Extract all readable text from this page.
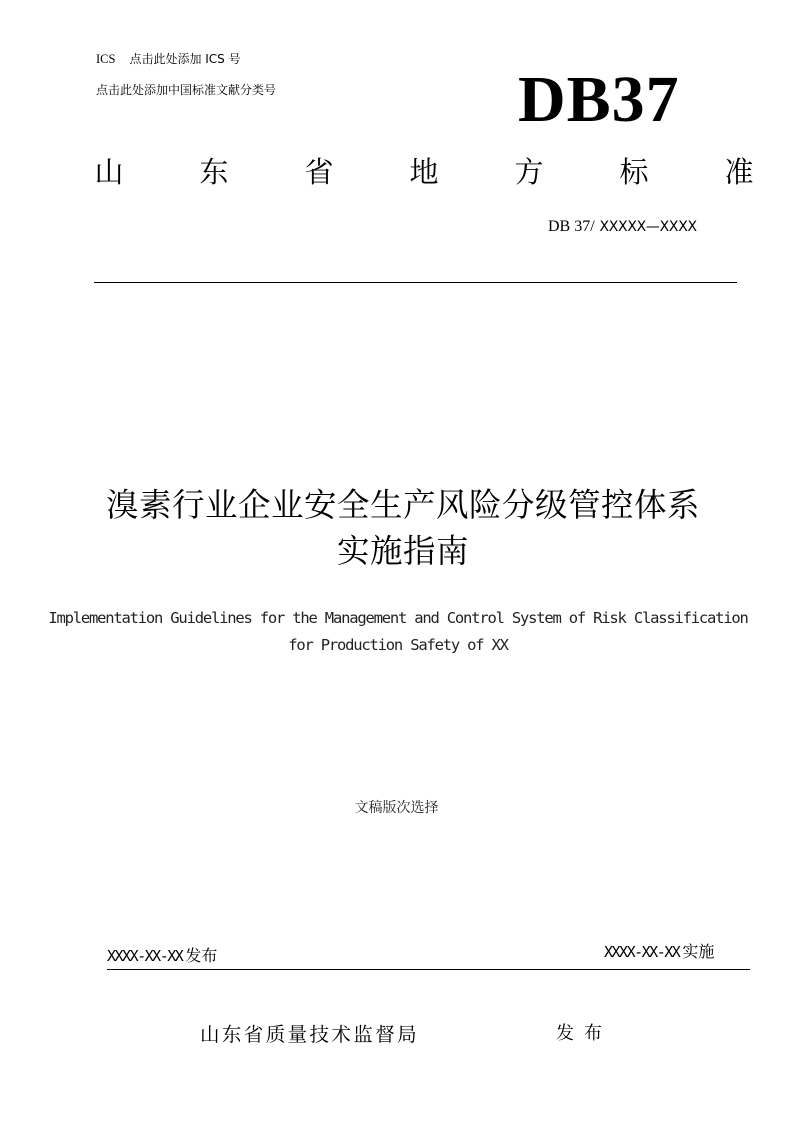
ICS 点击此处添加 ICS 号
点击此处添加中国标准文献分类号	DB37
山	东	省	地	方	标	准
DB 37/ XXXXX—XXXX
溴素行业企业安全生产风险分级管控体系
实施指南
Implementation Guidelines for the Management and Control System of Risk Classification for Production Safety of XX
文稿版次选择
XXXX-XX-XX 发布	XXXX-XX-XX 实施
山东省质量技术监督局	发布
